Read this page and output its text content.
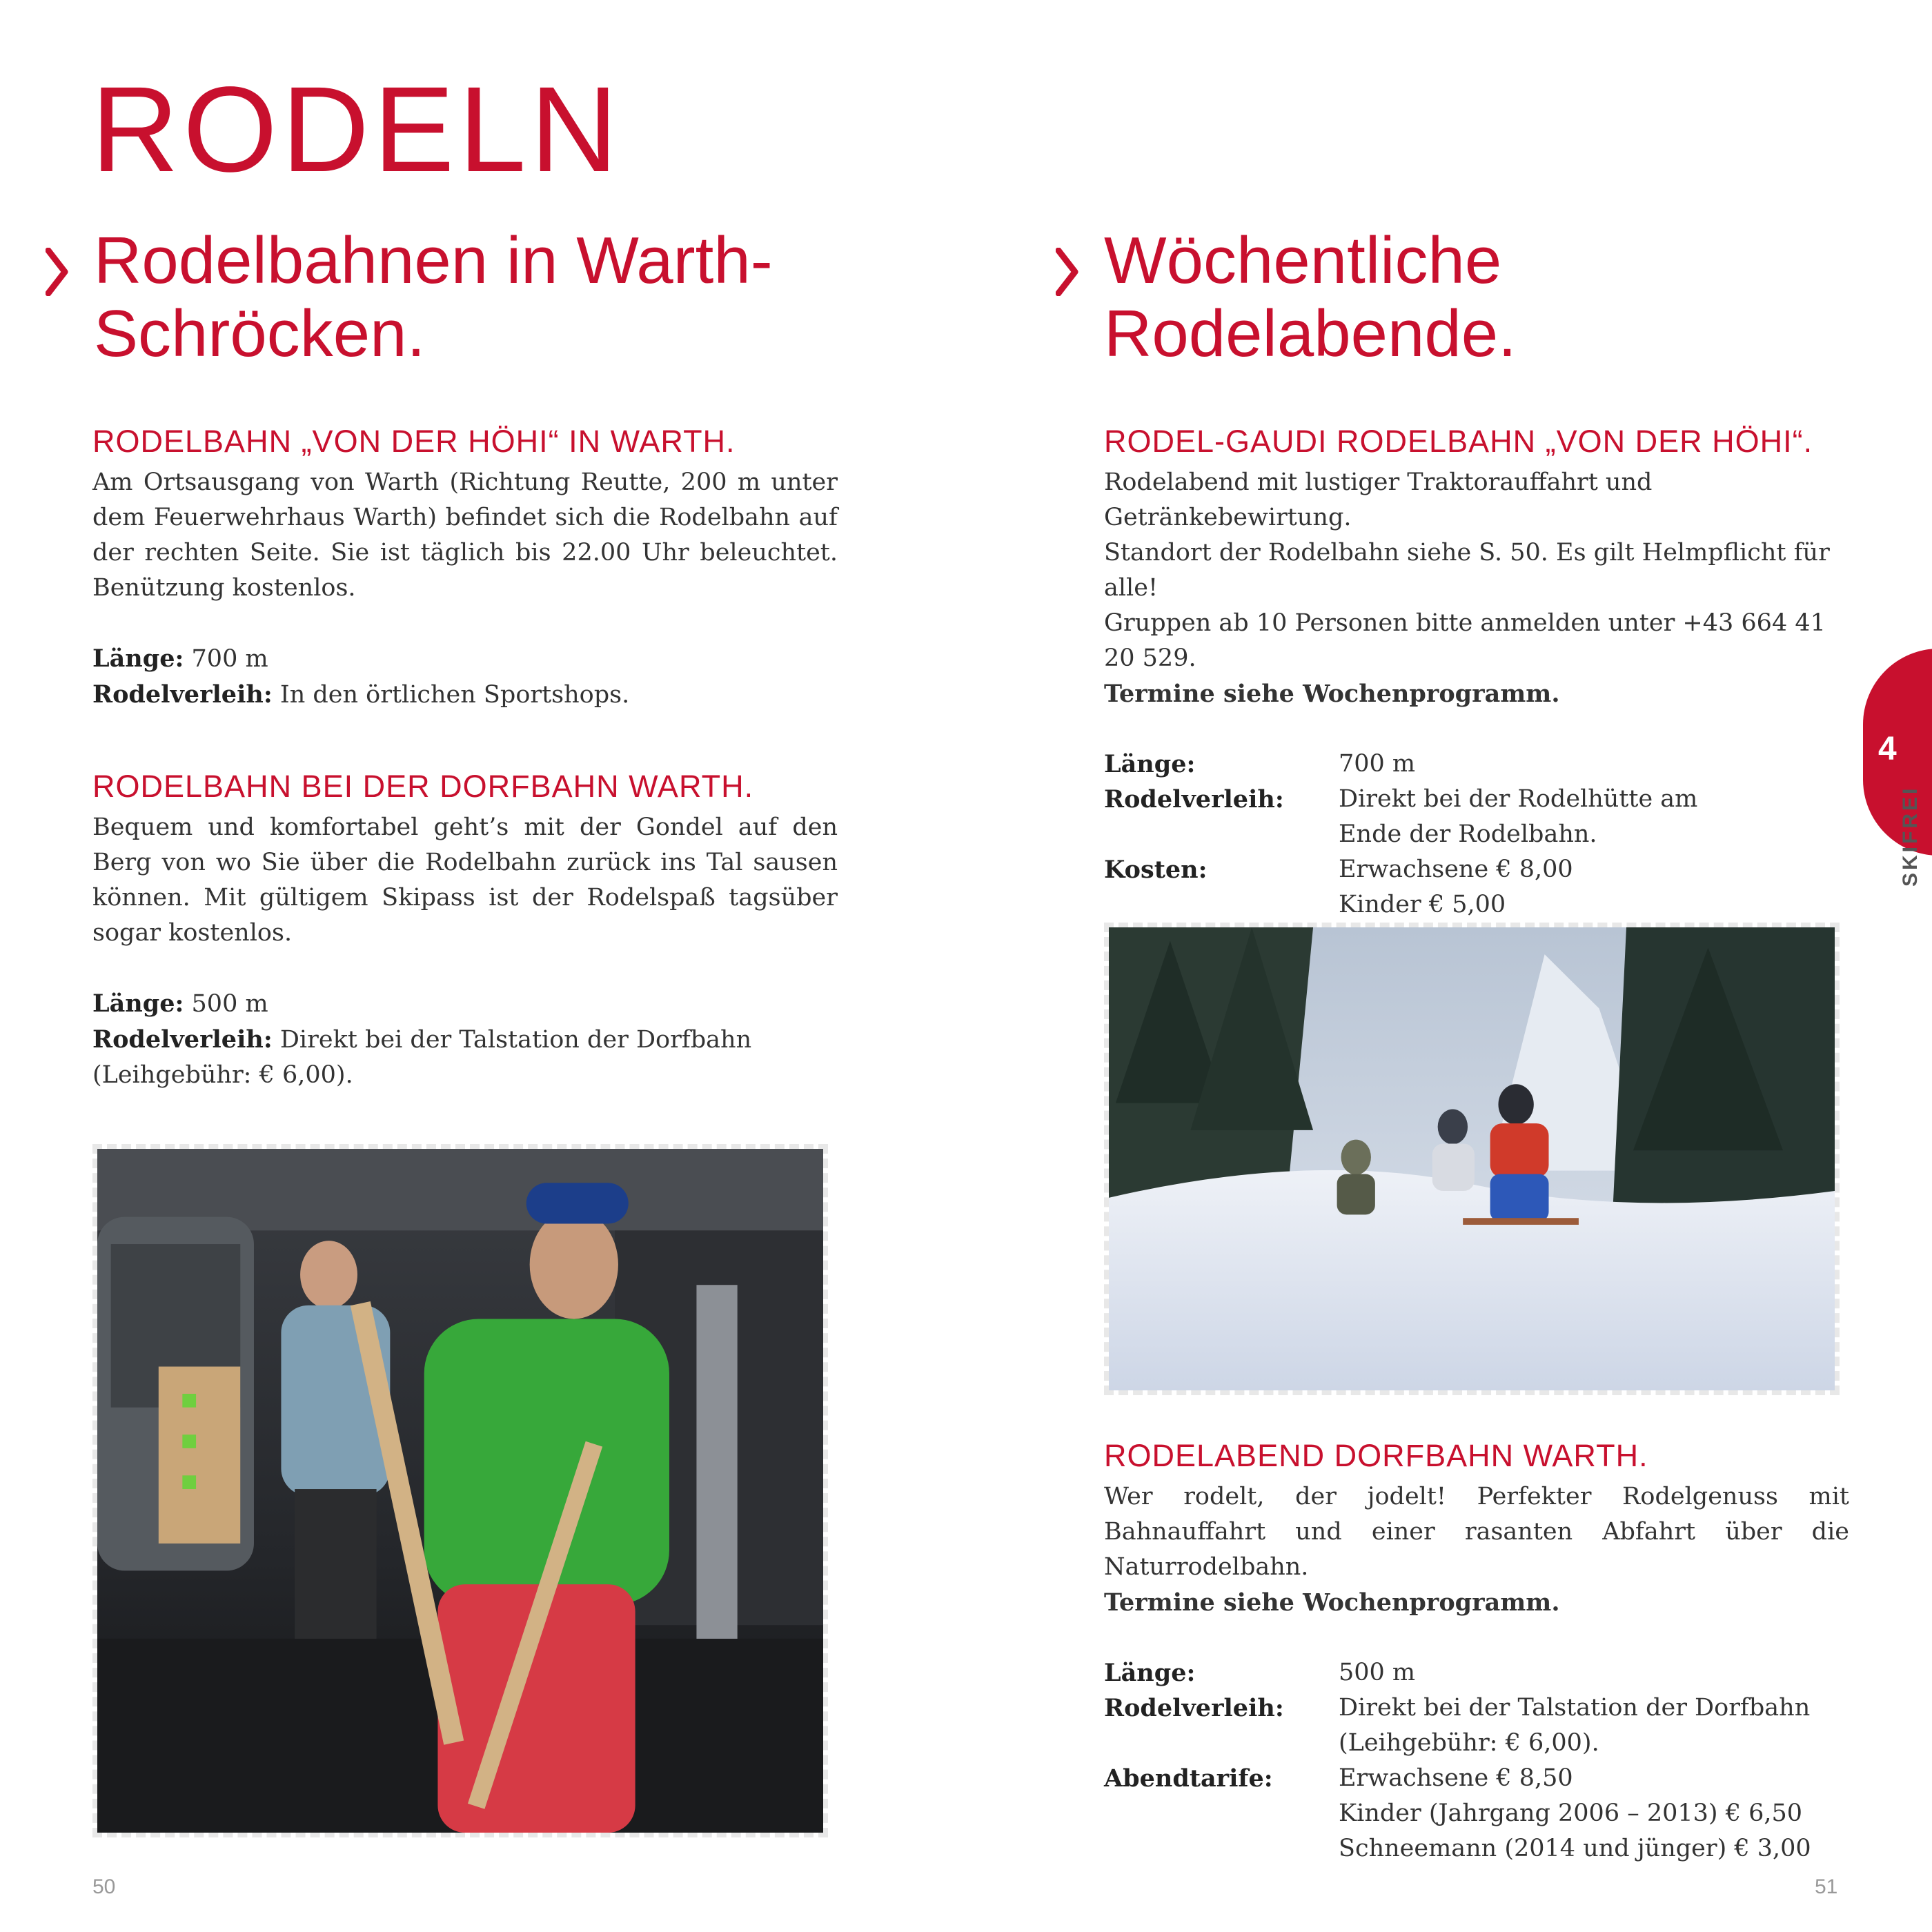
RODELN
Rodelbahnen in Warth-
Schröcken.
RODELBAHN „VON DER HÖHI“ IN WARTH.

Am Ortsausgang von Warth (Richtung Reutte, 200 m unter dem Feuerwehrhaus Warth) befindet sich die Rodelbahn auf der rechten Seite. Sie ist täglich bis 22.00 Uhr beleuchtet. Benützung kostenlos.

Länge: 700 m
Rodelverleih: In den örtlichen Sportshops.
RODELBAHN BEI DER DORFBAHN WARTH.

Bequem und komfortabel geht’s mit der Gondel auf den Berg von wo Sie über die Rodelbahn zurück ins Tal sausen können. Mit gültigem Skipass ist der Rodelspaß tagsüber sogar kostenlos.

Länge: 500 m
Rodelverleih: Direkt bei der Talstation der Dorfbahn
(Leihgebühr: € 6,00).
50
Wöchentliche
Rodelabende.
RODEL-GAUDI RODELBAHN „VON DER HÖHI“.
Rodelabend mit lustiger Traktorauffahrt und Getränkebewirtung.
Standort der Rodelbahn siehe S. 50. Es gilt Helmpflicht für alle!
Gruppen ab 10 Personen bitte anmelden unter +43 664 41 20 529.
Termine siehe Wochenprogramm.
Länge:	700 m
Rodelverleih:	Direkt bei der Rodelhütte am
	Ende der Rodelbahn.
Kosten:	Erwachsene € 8,00
	Kinder € 5,00

RODELABEND DORFBAHN WARTH.

Wer rodelt, der jodelt! Perfekter Rodelgenuss mit Bahnauffahrt und einer rasanten Abfahrt über die Naturrodelbahn.

Termine siehe Wochenprogramm.
Länge:	500 m
Rodelverleih:	Direkt bei der Talstation der Dorfbahn
	(Leihgebühr: € 6,00).
Abendtarife:	Erwachsene € 8,50
	Kinder (Jahrgang 2006 – 2013) € 6,50
	Schneemann (2014 und jünger) € 3,00
51
4
SKIFREI
